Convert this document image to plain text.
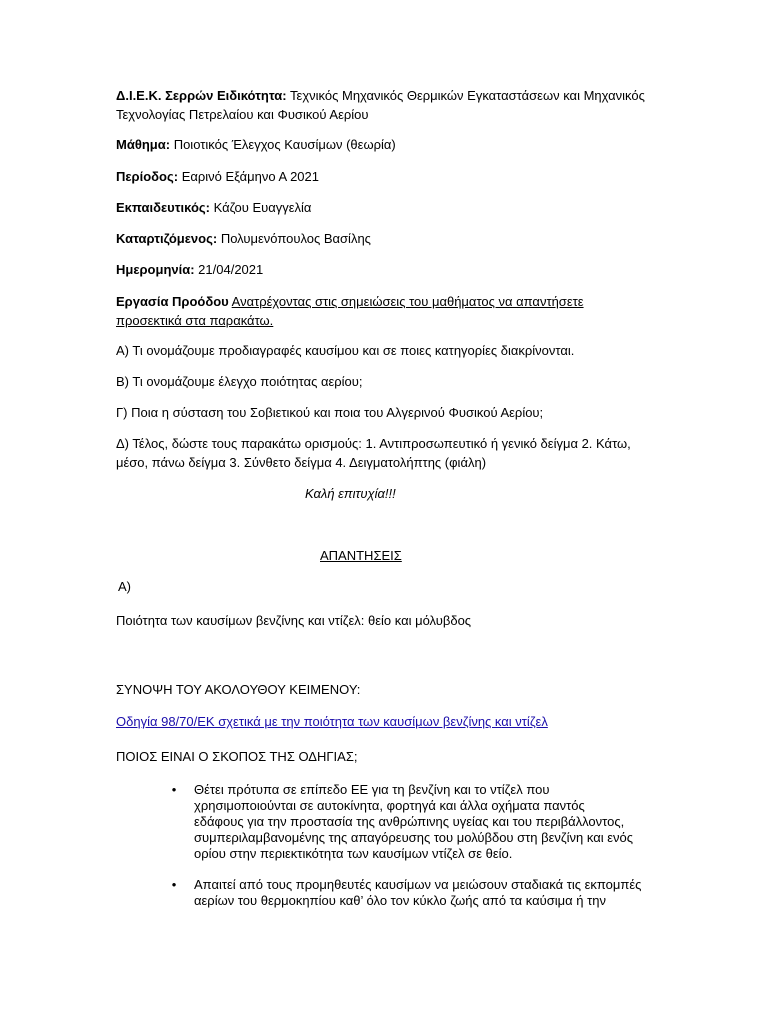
Δ.Ι.Ε.Κ. Σερρών Ειδικότητα: Τεχνικός Μηχανικός Θερμικών Εγκαταστάσεων και Μηχανικός
Τεχνολογίας Πετρελαίου και Φυσικού Αερίου
Μάθημα: Ποιοτικός Έλεγχος Καυσίμων (θεωρία)
Περίοδος: Εαρινό Εξάμηνο Α 2021
Εκπαιδευτικός: Κάζου Ευαγγελία
Καταρτιζόμενος: Πολυμενόπουλος Βασίλης
Ημερομηνία: 21/04/2021
Εργασία Προόδου Ανατρέχοντας στις σημειώσεις του μαθήματος να απαντήσετε
προσεκτικά στα παρακάτω.
Α) Τι ονομάζουμε προδιαγραφές καυσίμου και σε ποιες κατηγορίες διακρίνονται.
Β) Τι ονομάζουμε έλεγχο ποιότητας αερίου;
Γ) Ποια η σύσταση του Σοβιετικού και ποια του Αλγερινού Φυσικού Αερίου;
Δ) Τέλος, δώστε τους παρακάτω ορισμούς: 1. Αντιπροσωπευτικό ή γενικό δείγμα 2. Κάτω,
μέσο, πάνω δείγμα 3. Σύνθετο δείγμα 4. Δειγματολήπτης (φιάλη)
Καλή επιτυχία!!!
ΑΠΑΝΤΗΣΕΙΣ
Α)
Ποιότητα των καυσίμων βενζίνης και ντίζελ: θείο και μόλυβδος
ΣΥΝΟΨΗ ΤΟΥ ΑΚΟΛΟΥΘΟΥ ΚΕΙΜΕΝΟΥ:
Οδηγία 98/70/ΕΚ σχετικά με την ποιότητα των καυσίμων βενζίνης και ντίζελ
ΠΟΙΟΣ ΕΙΝΑΙ Ο ΣΚΟΠΟΣ ΤΗΣ ΟΔΗΓΙΑΣ;
• Θέτει πρότυπα σε επίπεδο ΕΕ για τη βενζίνη και το ντίζελ που
χρησιμοποιούνται σε αυτοκίνητα, φορτηγά και άλλα οχήματα παντός
εδάφους για την προστασία της ανθρώπινης υγείας και του περιβάλλοντος,
συμπεριλαμβανομένης της απαγόρευσης του μολύβδου στη βενζίνη και ενός
ορίου στην περιεκτικότητα των καυσίμων ντίζελ σε θείο.
• Απαιτεί από τους προμηθευτές καυσίμων να μειώσουν σταδιακά τις εκπομπές
αερίων του θερμοκηπίου καθ’ όλο τον κύκλο ζωής από τα καύσιμα ή την
